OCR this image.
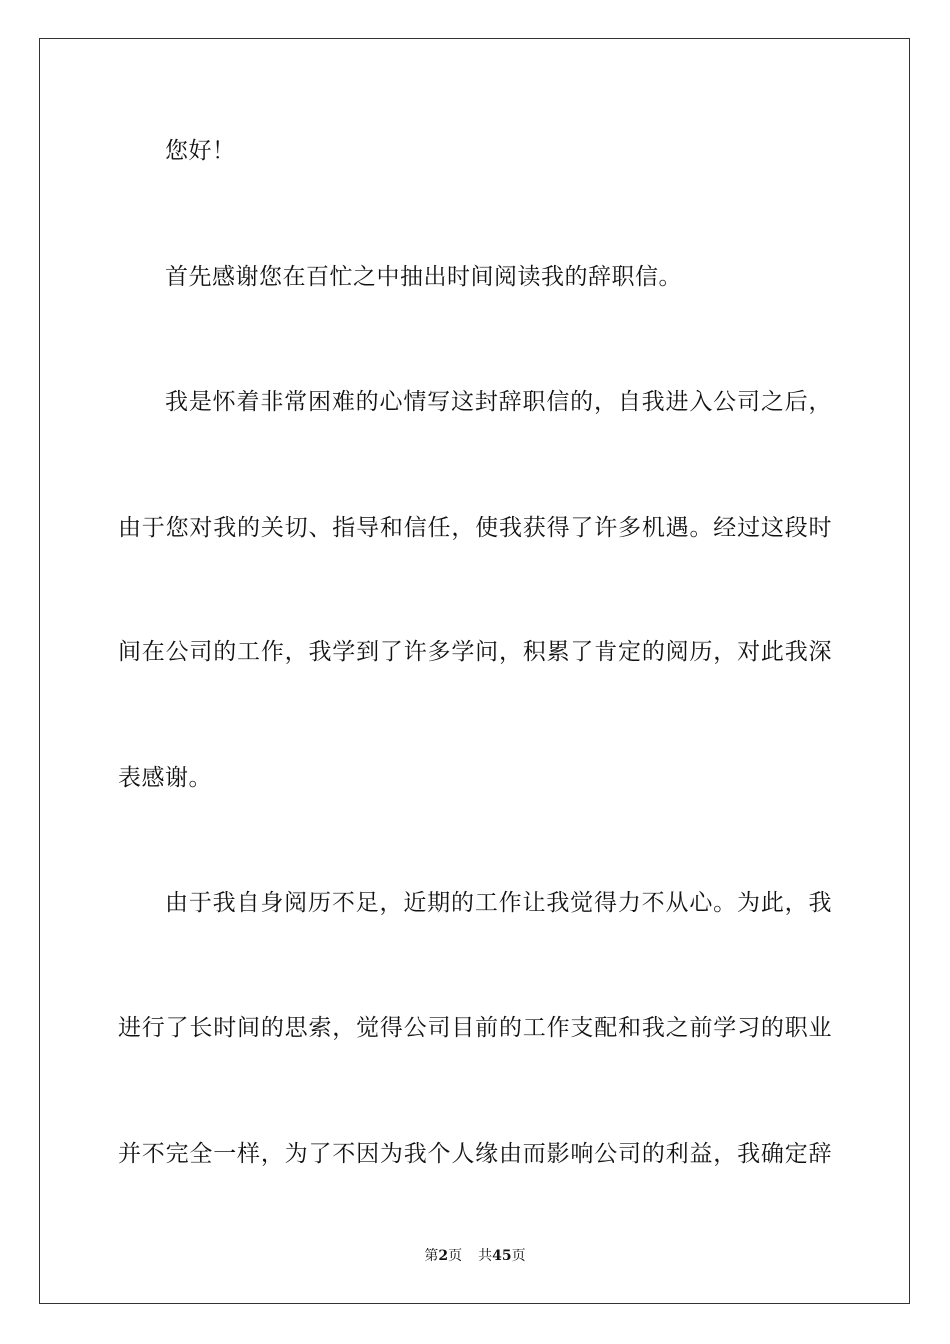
您好！
首先感谢您在百忙之中抽出时间阅读我的辞职信。
我是怀着非常困难的心情写这封辞职信的，自我进入公司之后，
由于您对我的关切、指导和信任，使我获得了许多机遇。经过这段时
间在公司的工作，我学到了许多学问，积累了肯定的阅历，对此我深
表感谢。
由于我自身阅历不足，近期的工作让我觉得力不从心。为此，我
进行了长时间的思索，觉得公司目前的工作支配和我之前学习的职业
并不完全一样，为了不因为我个人缘由而影响公司的利益，我确定辞
第2页 共45页
